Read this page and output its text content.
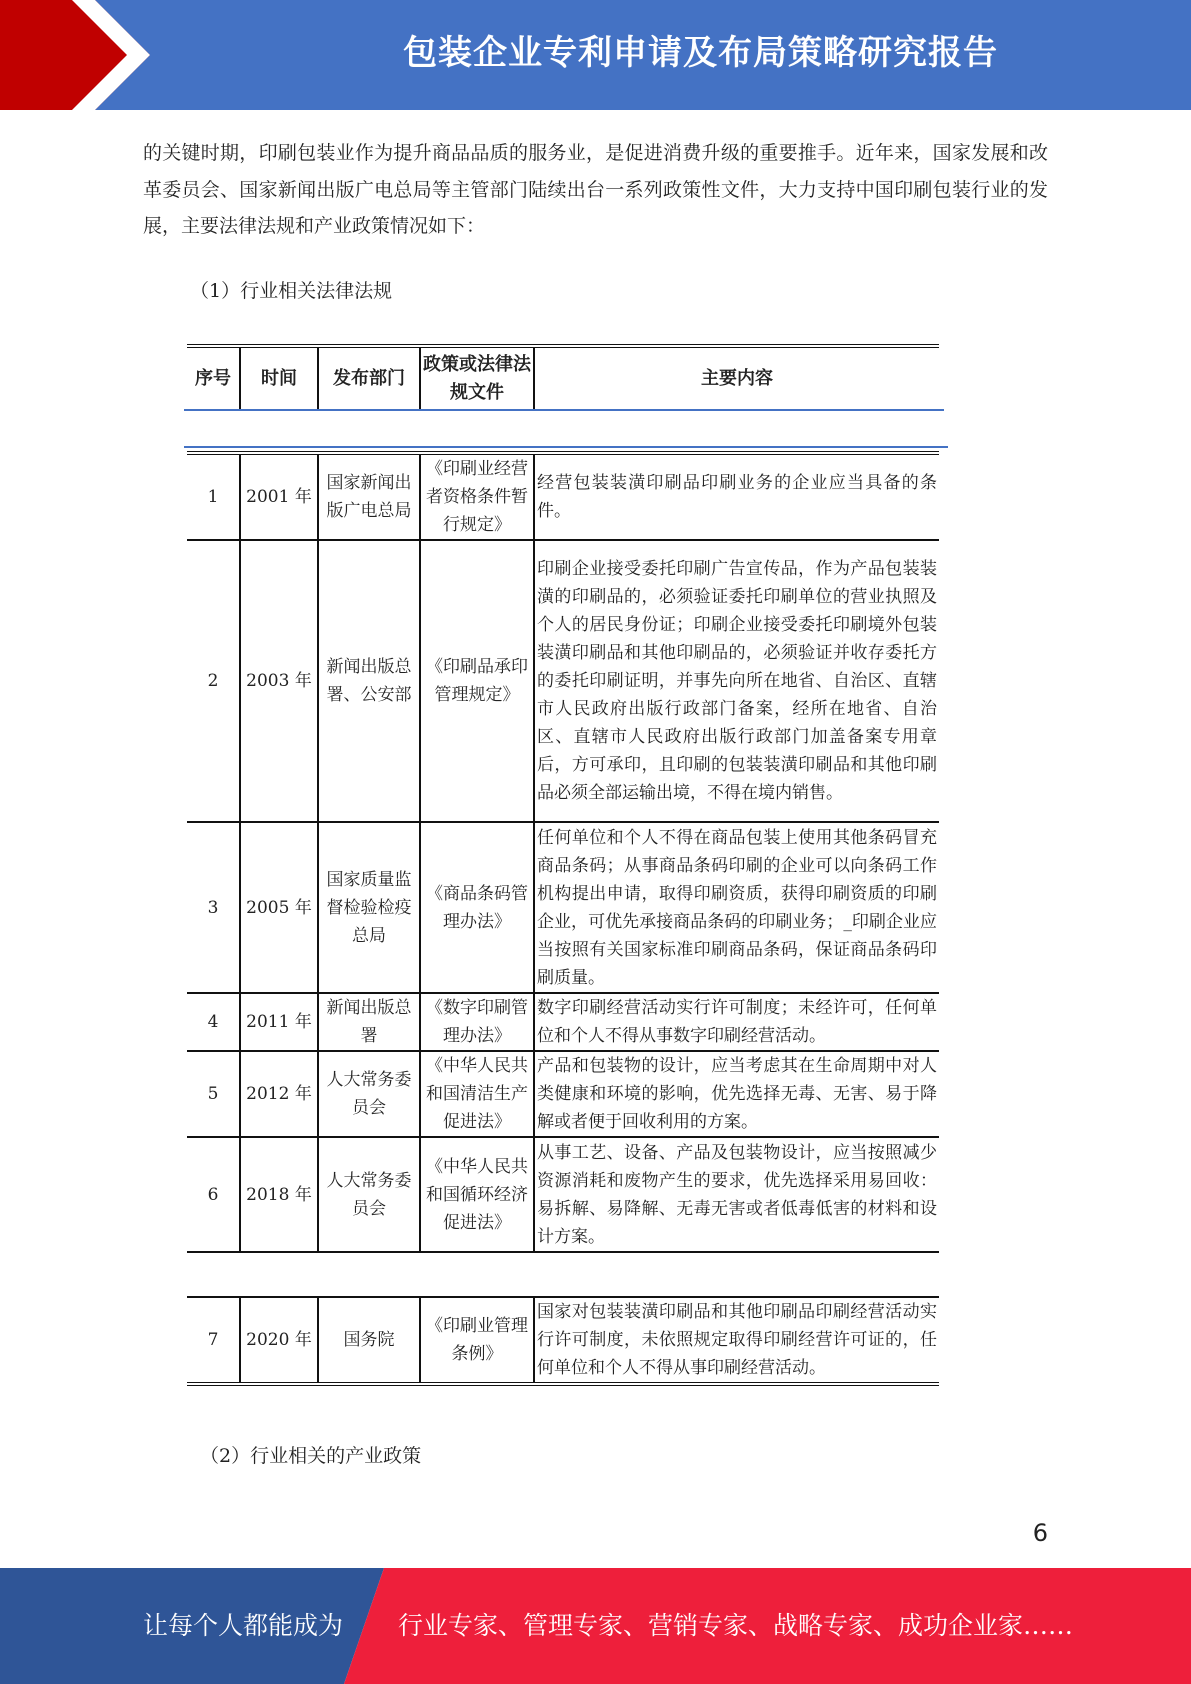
包装企业专利申请及布局策略研究报告
的关键时期，印刷包装业作为提升商品品质的服务业，是促进消费升级的重要推手。近年来，国家发展和改革委员会、国家新闻出版广电总局等主管部门陆续出台一系列政策性文件，大力支持中国印刷包装行业的发展，主要法律法规和产业政策情况如下：
（1）行业相关法律法规
序号	时间	发布部门	政策或法律法规文件	主要内容
1	2001 年	国家新闻出版广电总局	《印刷业经营者资格条件暂行规定》	经营包装装潢印刷品印刷业务的企业应当具备的条件。
2	2003 年	新闻出版总署、公安部	《印刷品承印管理规定》	印刷企业接受委托印刷广告宣传品，作为产品包装装潢的印刷品的，必须验证委托印刷单位的营业执照及个人的居民身份证；印刷企业接受委托印刷境外包装装潢印刷品和其他印刷品的，必须验证并收存委托方的委托印刷证明，并事先向所在地省、自治区、直辖市人民政府出版行政部门备案，经所在地省、自治区、直辖市人民政府出版行政部门加盖备案专用章后，方可承印，且印刷的包装装潢印刷品和其他印刷品必须全部运输出境，不得在境内销售。
3	2005 年	国家质量监督检验检疫总局	《商品条码管理办法》	任何单位和个人不得在商品包装上使用其他条码冒充商品条码；从事商品条码印刷的企业可以向条码工作机构提出申请，取得印刷资质，获得印刷资质的印刷企业，可优先承接商品条码的印刷业务；_印刷企业应当按照有关国家标准印刷商品条码，保证商品条码印刷质量。
4	2011 年	新闻出版总署	《数字印刷管理办法》	数字印刷经营活动实行许可制度；未经许可，任何单位和个人不得从事数字印刷经营活动。
5	2012 年	人大常务委员会	《中华人民共和国清洁生产促进法》	产品和包装物的设计，应当考虑其在生命周期中对人类健康和环境的影响，优先选择无毒、无害、易于降解或者便于回收利用的方案。
6	2018 年	人大常务委员会	《中华人民共和国循环经济促进法》	从事工艺、设备、产品及包装物设计，应当按照减少资源消耗和废物产生的要求，优先选择采用易回收：易拆解、易降解、无毒无害或者低毒低害的材料和设计方案。
7	2020 年	国务院	《印刷业管理条例》	国家对包装装潢印刷品和其他印刷品印刷经营活动实行许可制度，未依照规定取得印刷经营许可证的，任何单位和个人不得从事印刷经营活动。
（2）行业相关的产业政策
6
让每个人都能成为 行业专家、管理专家、营销专家、战略专家、成功企业家……
